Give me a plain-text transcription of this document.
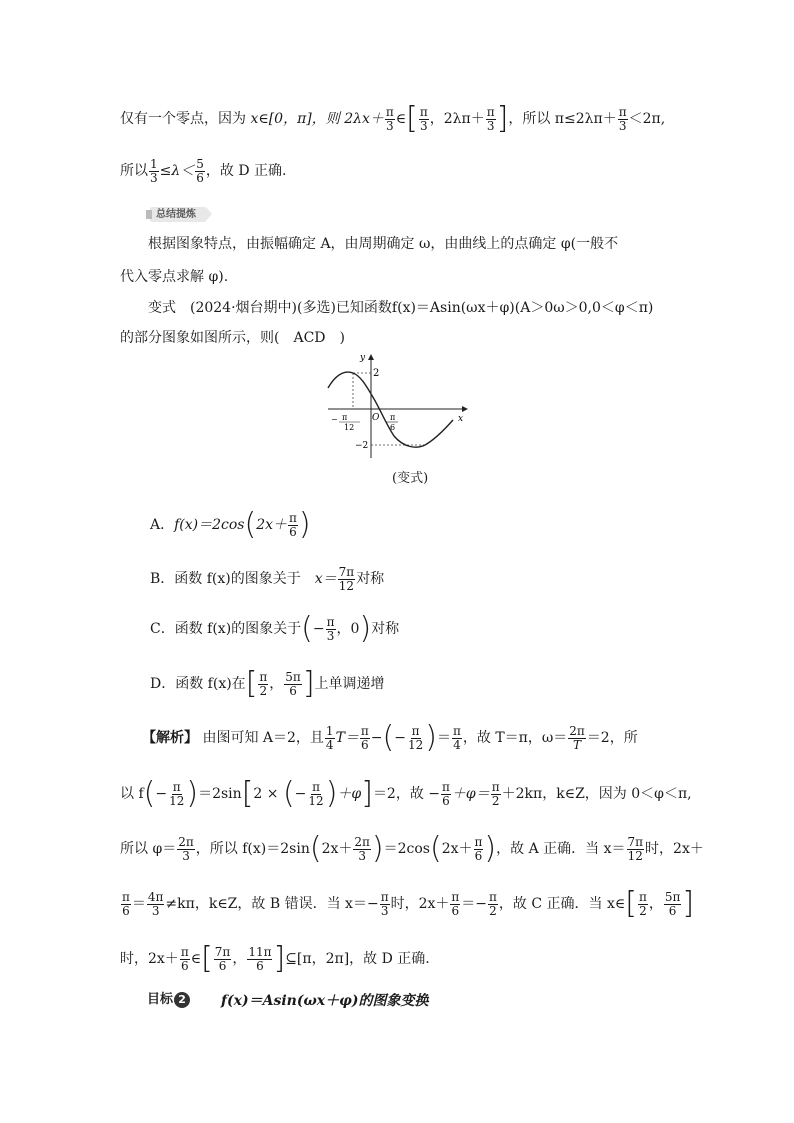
仅有一个零点，因为 x∈[0，π]，则 $2\lambda x+ \frac{\pi}{3}$ ∈[ $\frac{\pi}{3}$ ，$2\lambda\pi+ \frac{\pi}{3}$ ]，所以 $\pi\le 2\lambda\pi+ \frac{\pi}{3} <2\pi$,
所以 $\frac{1}{3} \le\lambda< \frac{5}{6}$ ，故 D 正确.
总结提炼
根据图象特点，由振幅确定 A，由周期确定 ω，由曲线上的点确定 φ(一般不
代入零点求解 φ).
变式　(2024·烟台期中)(多选)已知函数f(x)＝Asin(ωx＋φ)(A＞0ω＞0,0＜φ＜π)
的部分图象如图所示，则(　ACD　)
y
x
2
O
−2
π
−
12
π
6
(变式)
A．$f(x)=2\cos(2x+ \frac{\pi}{6}$ )
B．函数 f(x)的图象关于　 $x= \frac{7\pi}{12}$ 对称
C．函数 f(x)的图象关于(− $\frac{\pi}{3}$ ，0)对称
D．函数 f(x)在[ $\frac{\pi}{2}$ ， $\frac{5\pi}{6}$ ]上单调递增
【解析】 由图可知 A＝2，且 $\frac{1}{4} T= \frac{\pi}{6}$ −(− $\frac{\pi}{12}$ )＝ $\frac{\pi}{4}$ ，故 T＝π，$\omega= \frac{2\pi}{T} =2$，所
以 $f(- \frac{\pi}{12} )=2\sin[2$ × (− $\frac{\pi}{12} )+\varphi]=2$，故 − $\frac{\pi}{6} +\varphi= \frac{\pi}{2} +2k\pi$，k∈Z，因为 0＜φ＜π,
所以 $\varphi= \frac{2\pi}{3}$ ，所以 $f(x)=2\sin(2x+ \frac{2\pi}{3} )=2\cos(2x+ \frac{\pi}{6}$ )，故 A 正确．当 $x= \frac{7\pi}{12}$ 时，2x＋
$\frac{\pi}{6} = \frac{4\pi}{3} \ne k\pi$，k∈Z，故 B 错误．当 $x=- \frac{\pi}{3}$ 时，$2x+ \frac{\pi}{6} =- \frac{\pi}{2}$ ，故 C 正确．当 x∈[ $\frac{\pi}{2}$ ， $\frac{5\pi}{6}$ ]
时，$2x+ \frac{\pi}{6}$ ∈[ $\frac{7\pi}{6}$ ， $\frac{11\pi}{6}$ ]⊆[π，2π]，故 D 正确.
目标 2	f(x)＝Asin(ωx＋φ)的图象变换
